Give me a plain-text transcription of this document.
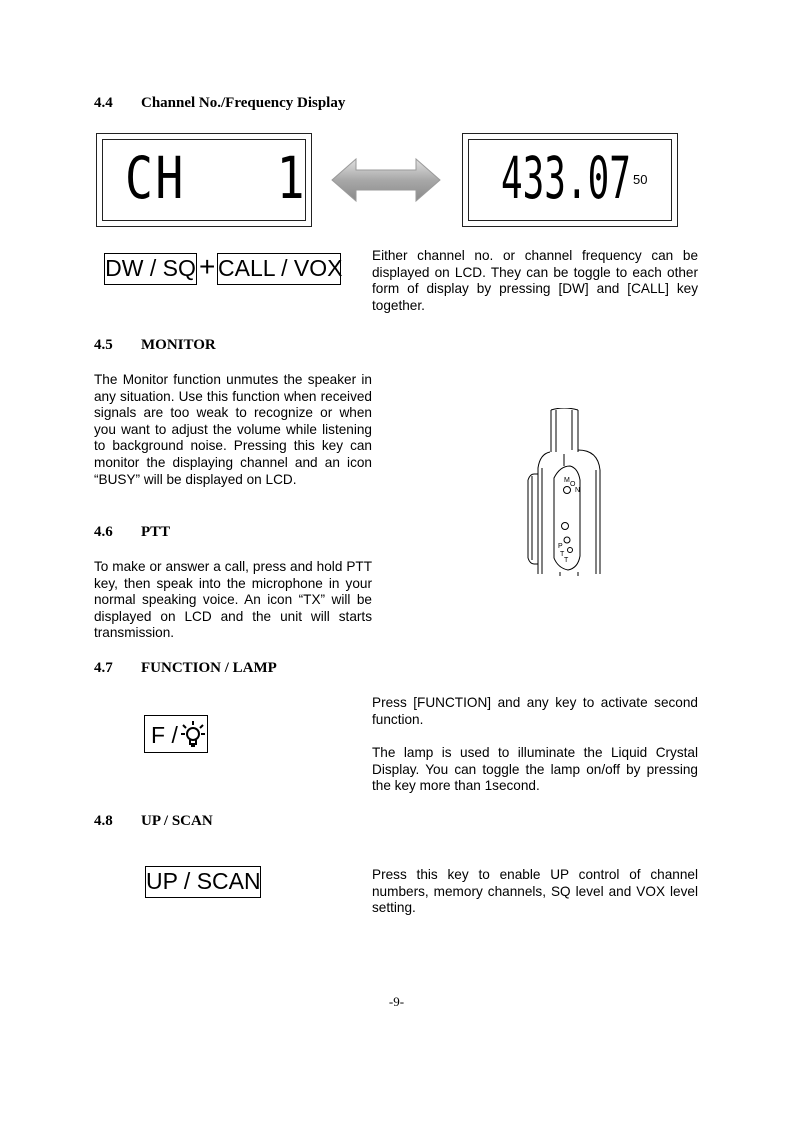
4.4 Channel No./Frequency Display
4.5 MONITOR
4.6 PTT
4.7 FUNCTION / LAMP
4.8 UP / SCAN
CH   1	433.07 50
DW / SQ + CALL / VOX Either channel no. or channel frequency can be displayed on LCD. They can be toggle to each other form of display by pressing [DW] and [CALL] key together.
The Monitor function unmutes the speaker in any situation. Use this function when received signals are too weak to recognize or when you want to adjust the volume while listening to background noise. Pressing this key can monitor the displaying channel and an icon “BUSY” will be displayed on LCD.	M
O
N
P
T
T
To make or answer a call, press and hold PTT key, then speak into the microphone in your normal speaking voice. An icon “TX” will be displayed on LCD and the unit will starts transmission.
F /
Press [FUNCTION] and any key to activate second function.
The lamp is used to illuminate the Liquid Crystal Display. You can toggle the lamp on/off by pressing the key more than 1second.
UP / SCAN	Press this key to enable UP control of channel numbers, memory channels, SQ level and VOX level setting.
-9-
